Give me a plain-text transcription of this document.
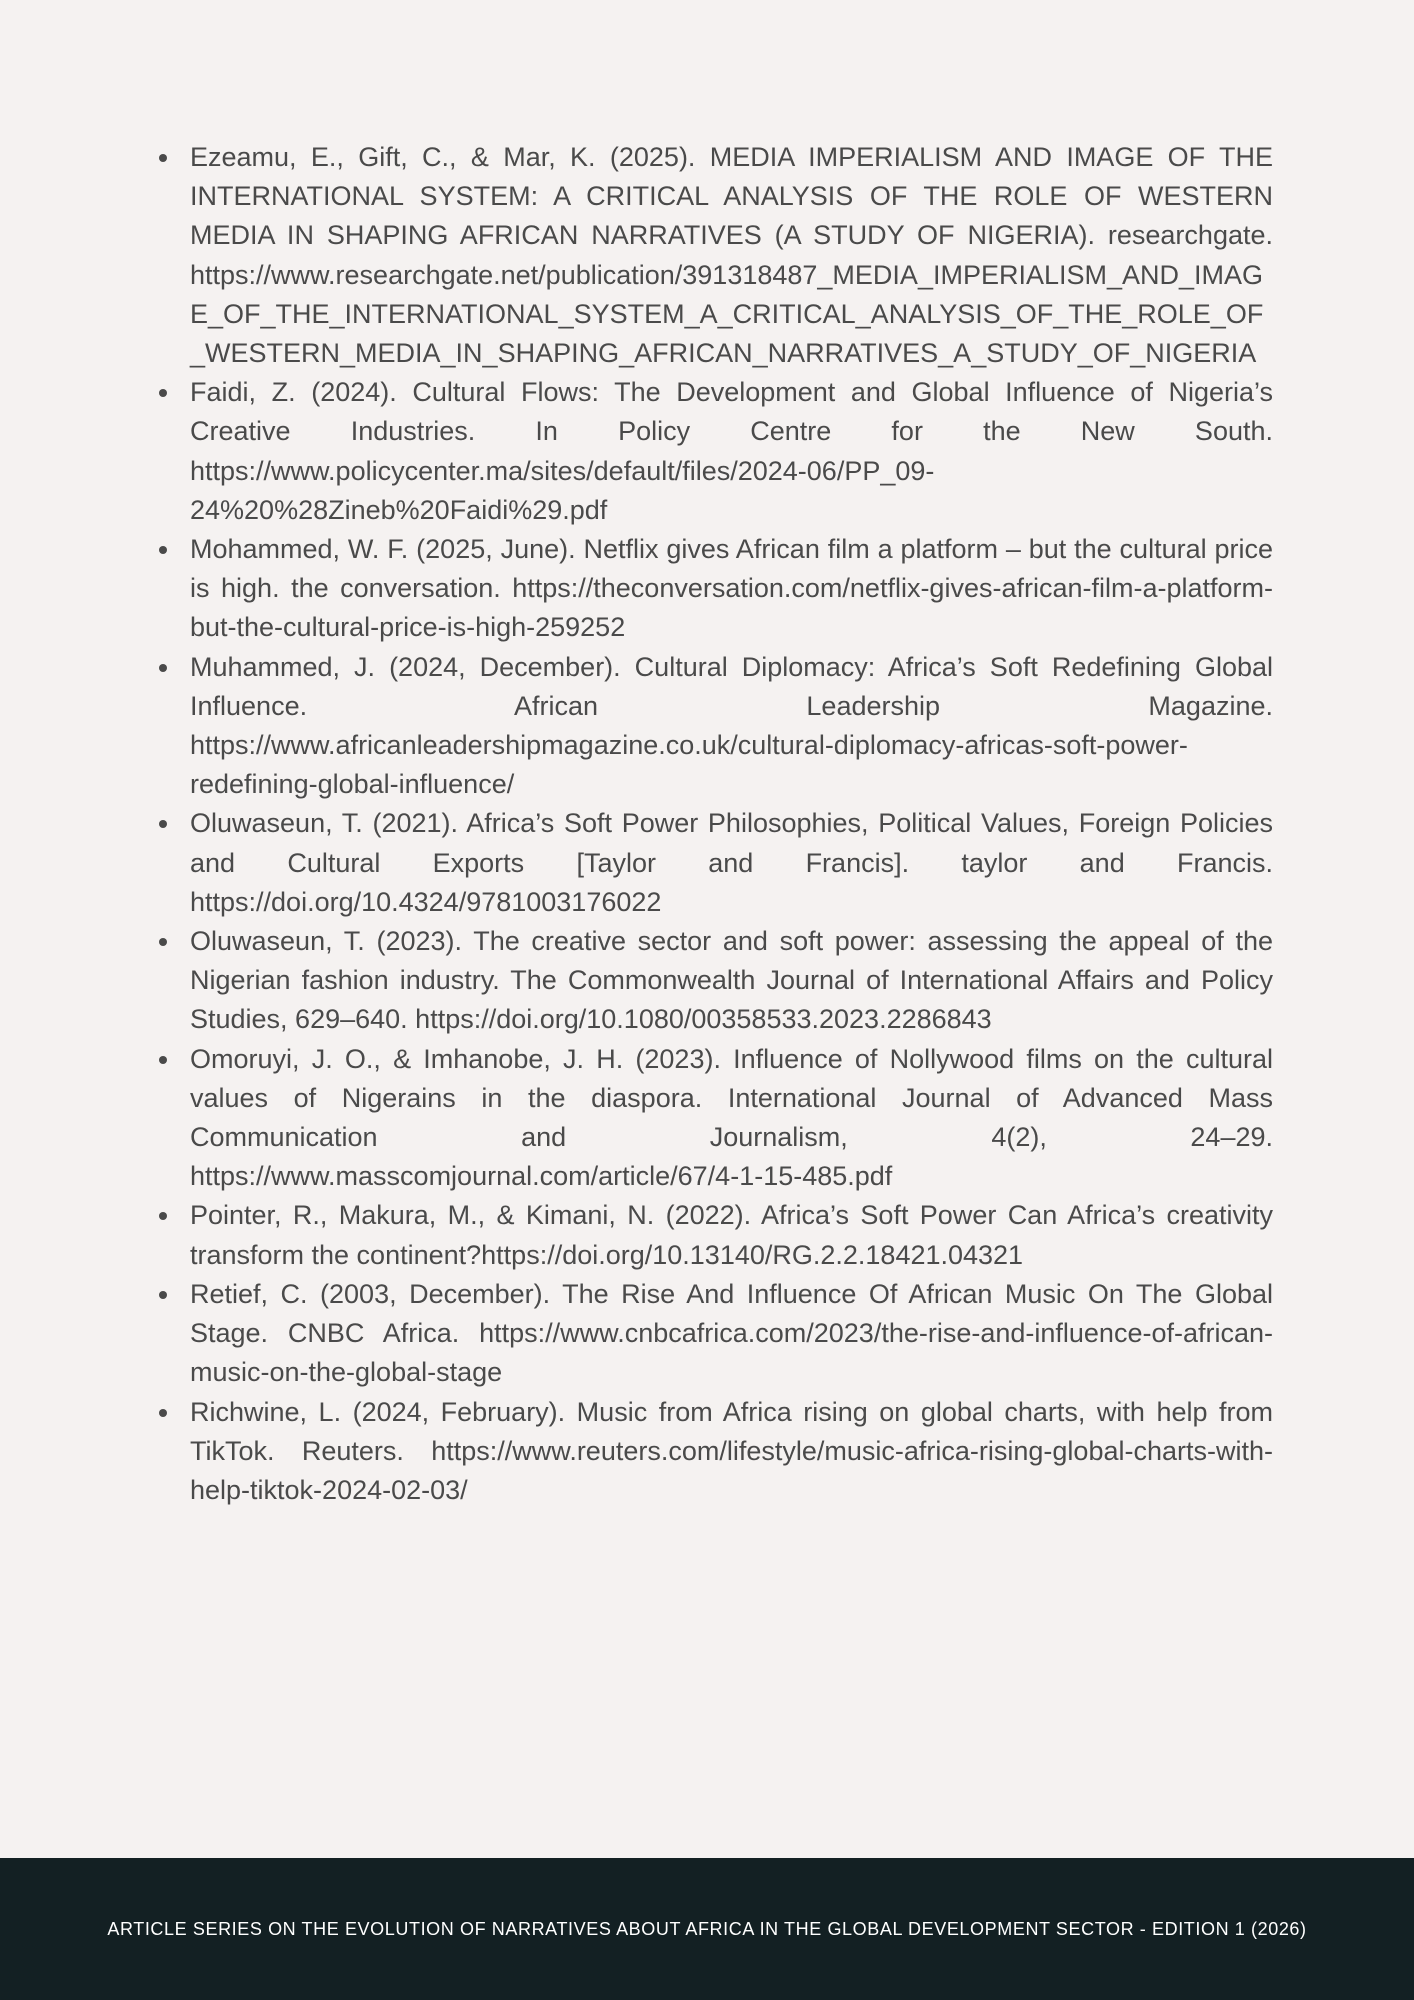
Ezeamu, E., Gift, C., & Mar, K. (2025). MEDIA IMPERIALISM AND IMAGE OF THE INTERNATIONAL SYSTEM: A CRITICAL ANALYSIS OF THE ROLE OF WESTERN MEDIA IN SHAPING AFRICAN NARRATIVES (A STUDY OF NIGERIA). researchgate. https://www.researchgate.net/publication/391318487_MEDIA_IMPERIALISM_AND_IMAGE_OF_THE_INTERNATIONAL_SYSTEM_A_CRITICAL_ANALYSIS_OF_THE_ROLE_OF_WESTERN_MEDIA_IN_SHAPING_AFRICAN_NARRATIVES_A_STUDY_OF_NIGERIA
Faidi, Z. (2024). Cultural Flows: The Development and Global Influence of Nigeria’s Creative Industries. In Policy Centre for the New South. https://www.policycenter.ma/sites/default/files/2024-06/PP_09-24%20%28Zineb%20Faidi%29.pdf
Mohammed, W. F. (2025, June). Netflix gives African film a platform – but the cultural price is high. the conversation. https://theconversation.com/netflix-gives-african-film-a-platform-but-the-cultural-price-is-high-259252
Muhammed, J. (2024, December). Cultural Diplomacy: Africa’s Soft Redefining Global Influence. African Leadership Magazine. https://www.africanleadershipmagazine.co.uk/cultural-diplomacy-africas-soft-power-redefining-global-influence/
Oluwaseun, T. (2021). Africa’s Soft Power Philosophies, Political Values, Foreign Policies and Cultural Exports [Taylor and Francis]. taylor and Francis. https://doi.org/10.4324/9781003176022
Oluwaseun, T. (2023). The creative sector and soft power: assessing the appeal of the Nigerian fashion industry. The Commonwealth Journal of International Affairs and Policy Studies, 629–640. https://doi.org/10.1080/00358533.2023.2286843
Omoruyi, J. O., & Imhanobe, J. H. (2023). Influence of Nollywood films on the cultural values of Nigerains in the diaspora. International Journal of Advanced Mass Communication and Journalism, 4(2), 24–29. https://www.masscomjournal.com/article/67/4-1-15-485.pdf
Pointer, R., Makura, M., & Kimani, N. (2022). Africa’s Soft Power Can Africa’s creativity transform the continent?https://doi.org/10.13140/RG.2.2.18421.04321
Retief, C. (2003, December). The Rise And Influence Of African Music On The Global Stage. CNBC Africa. https://www.cnbcafrica.com/2023/the-rise-and-influence-of-african-music-on-the-global-stage
Richwine, L. (2024, February). Music from Africa rising on global charts, with help from TikTok. Reuters. https://www.reuters.com/lifestyle/music-africa-rising-global-charts-with-help-tiktok-2024-02-03/
ARTICLE SERIES ON THE EVOLUTION OF NARRATIVES ABOUT AFRICA IN THE GLOBAL DEVELOPMENT SECTOR - EDITION 1 (2026)
